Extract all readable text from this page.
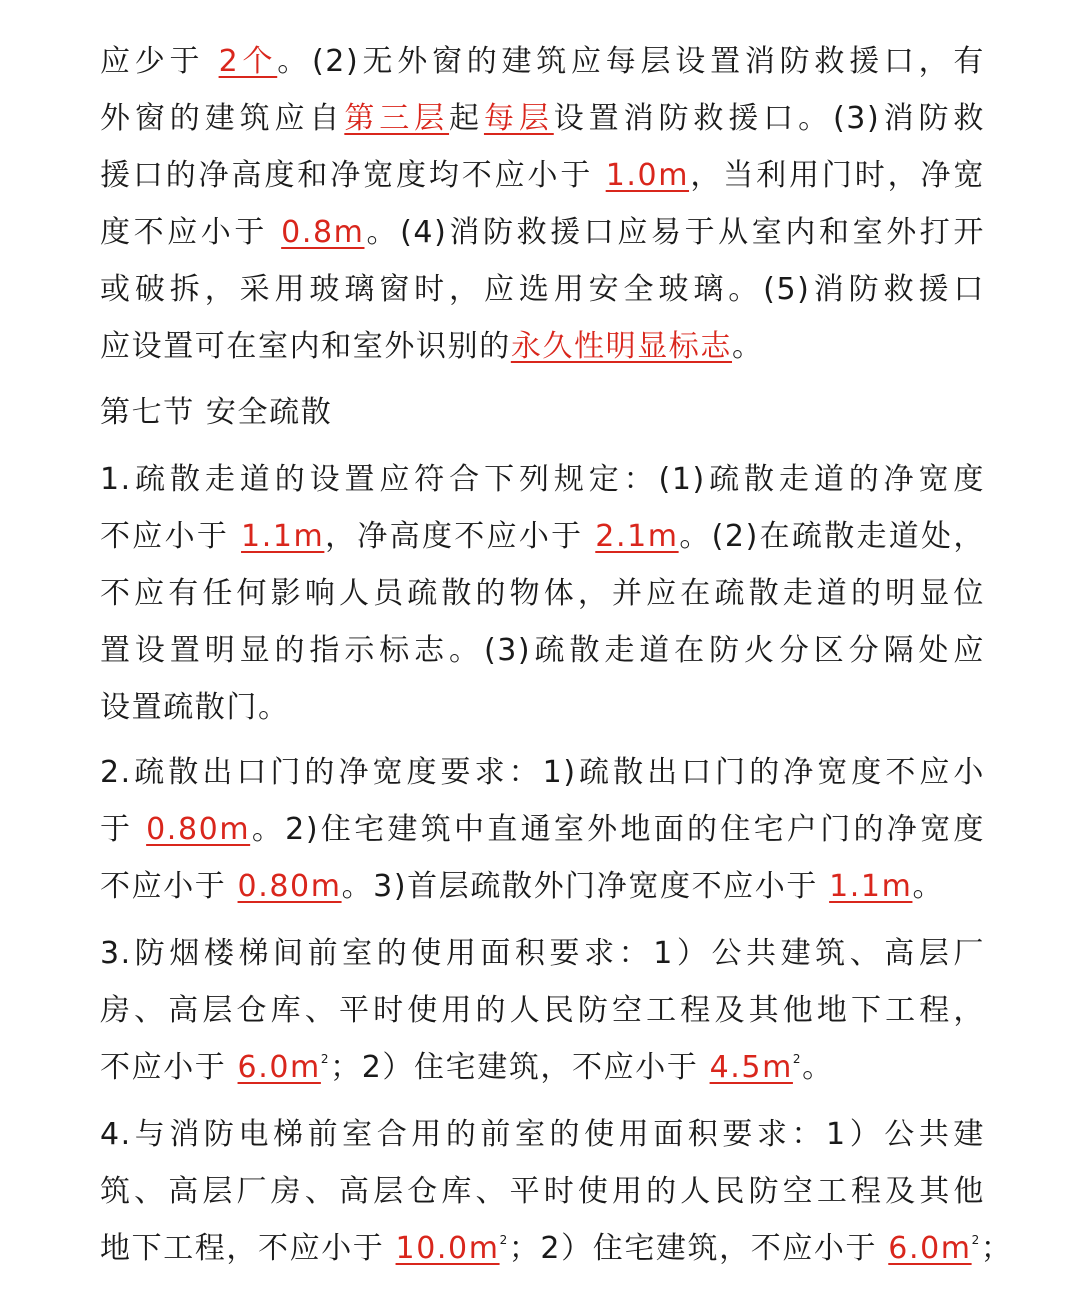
应少于 2个。(2)无外窗的建筑应每层设置消防救援口，有
外窗的建筑应自第三层起每层设置消防救援口。(3)消防救
援口的净高度和净宽度均不应小于 1.0m，当利用门时，净宽
度不应小于 0.8m。(4)消防救援口应易于从室内和室外打开
或破拆，采用玻璃窗时，应选用安全玻璃。(5)消防救援口
应设置可在室内和室外识别的永久性明显标志。
第七节 安全疏散
1.疏散走道的设置应符合下列规定：(1)疏散走道的净宽度
不应小于 1.1m，净高度不应小于 2.1m。(2)在疏散走道处，
不应有任何影响人员疏散的物体，并应在疏散走道的明显位
置设置明显的指示标志。(3)疏散走道在防火分区分隔处应
设置疏散门。
2.疏散出口门的净宽度要求：1)疏散出口门的净宽度不应小
于 0.80m。2)住宅建筑中直通室外地面的住宅户门的净宽度
不应小于 0.80m。3)首层疏散外门净宽度不应小于 1.1m。
3.防烟楼梯间前室的使用面积要求：1）公共建筑、高层厂
房、高层仓库、平时使用的人民防空工程及其他地下工程，
不应小于 $6.0m^2$；2）住宅建筑，不应小于 $4.5m^2$。
4.与消防电梯前室合用的前室的使用面积要求：1）公共建
筑、高层厂房、高层仓库、平时使用的人民防空工程及其他
地下工程，不应小于 $10.0m^2$；2）住宅建筑，不应小于 $6.0m^2$；
